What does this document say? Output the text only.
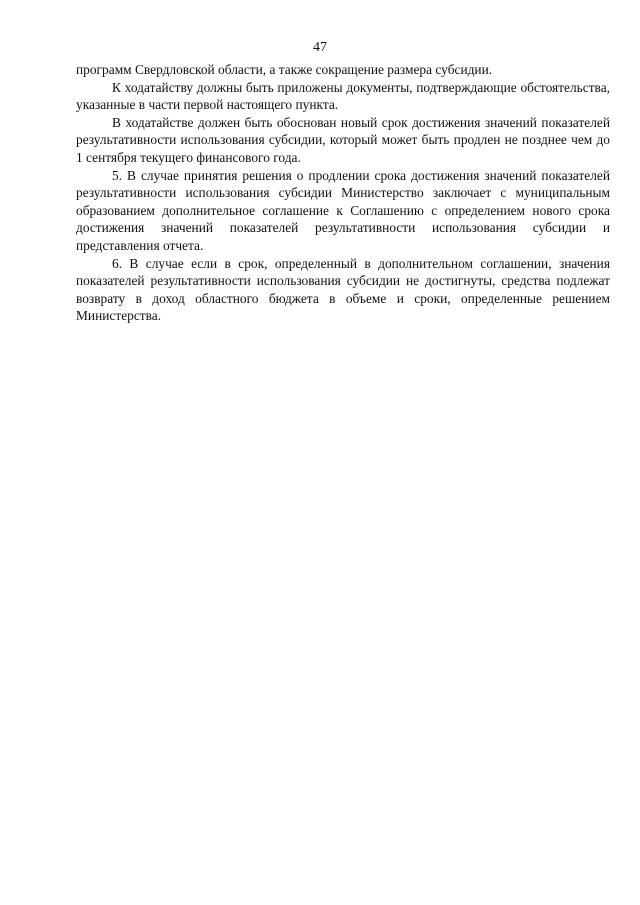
47

программ Свердловской области, а также сокращение размера субсидии.

К ходатайству должны быть приложены документы, подтверждающие обстоятельства, указанные в части первой настоящего пункта.

В ходатайстве должен быть обоснован новый срок достижения значений показателей результативности использования субсидии, который может быть продлен не позднее чем до 1 сентября текущего финансового года.

5. В случае принятия решения о продлении срока достижения значений показателей результативности использования субсидии Министерство заключает с муниципальным образованием дополнительное соглашение к Соглашению с определением нового срока достижения значений показателей результативности использования субсидии и представления отчета.

6. В случае если в срок, определенный в дополнительном соглашении, значения показателей результативности использования субсидии не достигнуты, средства подлежат возврату в доход областного бюджета в объеме и сроки, определенные решением Министерства.
